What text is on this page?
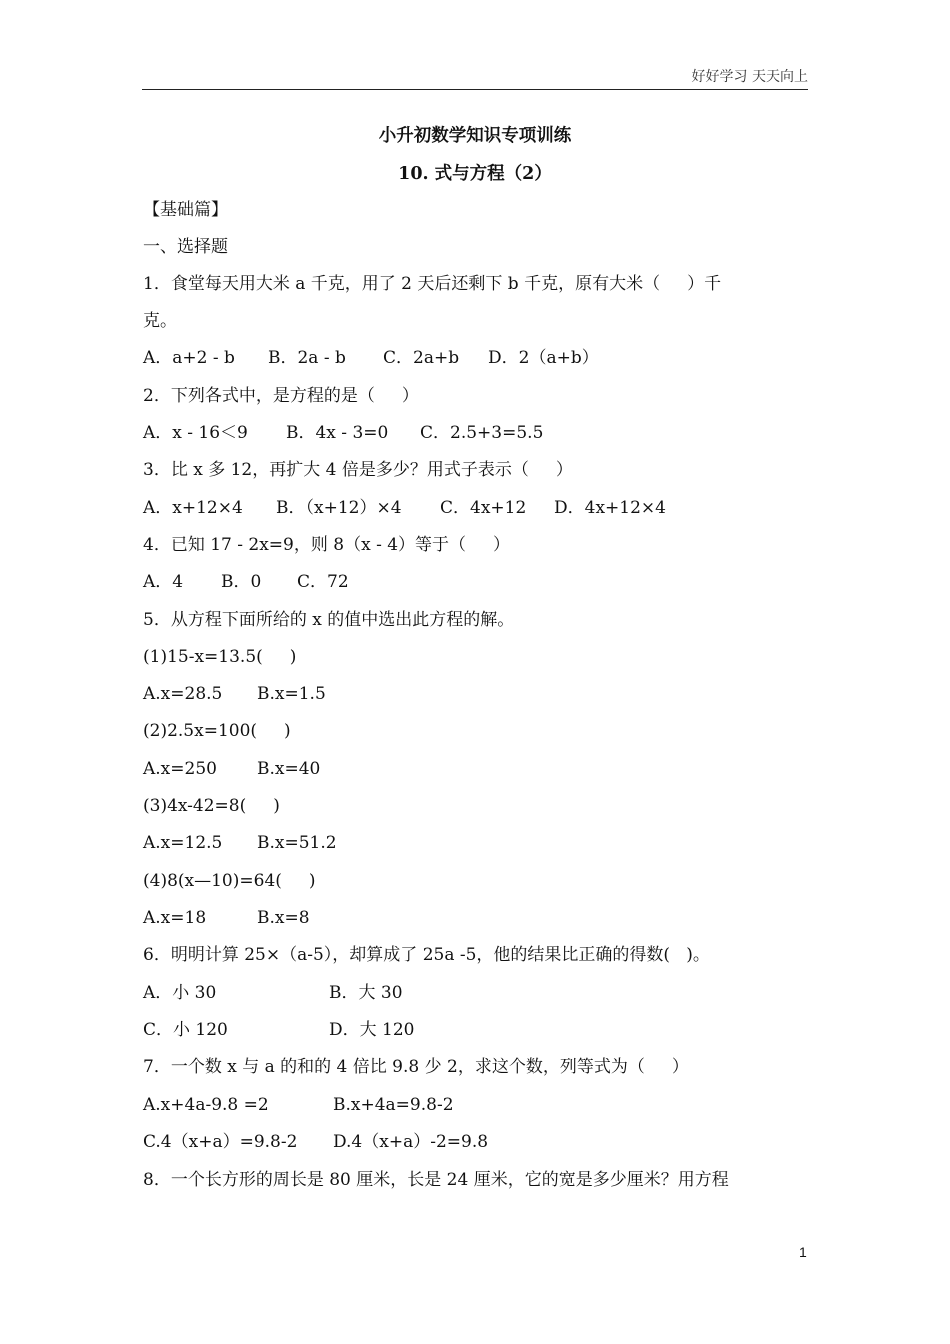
好好学习 天天向上
小升初数学知识专项训练
10. 式与方程（2）
【基础篇】
一、选择题
1．食堂每天用大米 a 千克，用了 2 天后还剩下 b 千克，原有大米（     ）千
克。
A．a+2 - b B．2a - b C．2a+b D．2（a+b）
2．下列各式中，是方程的是（     ）
A．x - 16＜9 B．4x - 3=0 C．2.5+3=5.5
3．比 x 多 12，再扩大 4 倍是多少？用式子表示（     ）
A．x+12×4 B．（x+12）×4 C．4x+12 D．4x+12×4
4．已知 17 - 2x=9，则 8（x - 4）等于（     ）
A．4 B．0 C．72
5．从方程下面所给的 x 的值中选出此方程的解。
(1)15-x=13.5(     )
A.x=28.5 B.x=1.5
(2)2.5x=100(     )
A.x=250 B.x=40
(3)4x-42=8(     )
A.x=12.5 B.x=51.2
(4)8(x—10)=64(     )
A.x=18	B.x=8
6．明明计算 25×（a-5），却算成了 25a -5，他的结果比正确的得数(   )。
A．小 30	B．大 30
C．小 120	D．大 120
7．一个数 x 与 a 的和的 4 倍比 9.8 少 2，求这个数，列等式为（     ）
A.x+4a-9.8 =2	B.x+4a=9.8-2
C.4（x+a）=9.8-2 D.4（x+a）-2=9.8
8．一个长方形的周长是 80 厘米，长是 24 厘米，它的宽是多少厘米？用方程
1
